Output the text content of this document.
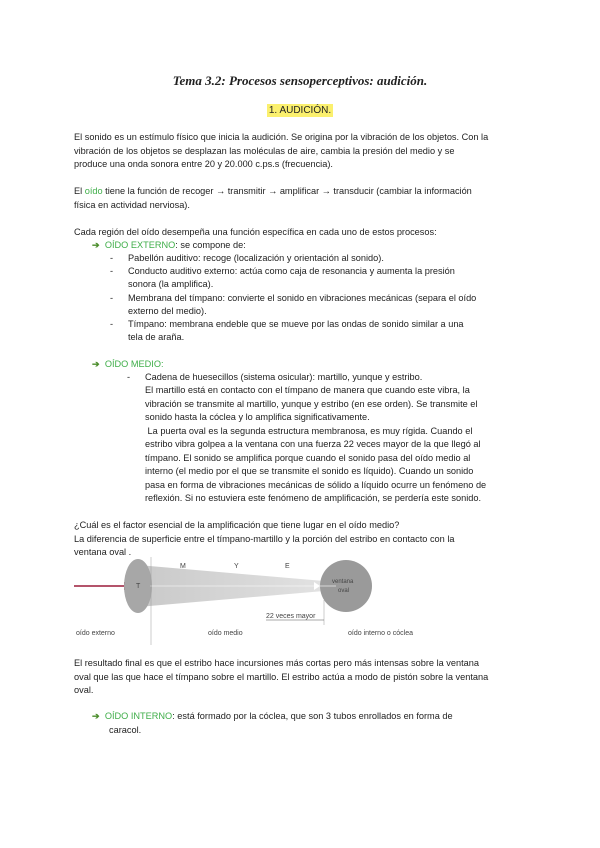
Tema 3.2: Procesos sensoperceptivos: audición.
1. AUDICIÓN.
El sonido es un estímulo físico que inicia la audición. Se origina por la vibración de los objetos. Con la
vibración de los objetos se desplazan las moléculas de aire, cambia la presión del medio y se
produce una onda sonora entre 20 y 20.000 c.ps.s (frecuencia).
El oído tiene la función de recoger → transmitir → amplificar → transducir (cambiar la información
física en actividad nerviosa).
Cada región del oído desempeña una función específica en cada uno de estos procesos:
➔ OÍDO EXTERNO: se compone de:
- Pabellón auditivo: recoge (localización y orientación al sonido).
- Conducto auditivo externo: actúa como caja de resonancia y aumenta la presión
sonora (la amplifica).
- Membrana del tímpano: convierte el sonido en vibraciones mecánicas (separa el oído
externo del medio).
- Tímpano: membrana endeble que se mueve por las ondas de sonido similar a una
tela de araña.
➔ OÍDO MEDIO:
- Cadena de huesecillos (sistema osicular): martillo, yunque y estribo.
El martillo está en contacto con el tímpano de manera que cuando este vibra, la
vibración se transmite al martillo, yunque y estribo (en ese orden). Se transmite el
sonido hasta la cóclea y lo amplifica significativamente.
La puerta oval es la segunda estructura membranosa, es muy rígida. Cuando el
estribo vibra golpea a la ventana con una fuerza 22 veces mayor de la que llegó al
tímpano. El sonido se amplifica porque cuando el sonido pasa del oído medio al
interno (el medio por el que se transmite el sonido es líquido). Cuando un sonido
pasa en forma de vibraciones mecánicas de sólido a líquido ocurre un fenómeno de
reflexión. Si no estuviera este fenómeno de amplificación, se perdería este sonido.
¿Cuál es el factor esencial de la amplificación que tiene lugar en el oído medio?
La diferencia de superficie entre el tímpano-martillo y la porción del estribo en contacto con la
ventana oval .
T
M	Y	E
ventana
oval
22 veces mayor
oído externo	oído medio	oído interno o cóclea
El resultado final es que el estribo hace incursiones más cortas pero más intensas sobre la ventana
oval que las que hace el tímpano sobre el martillo. El estribo actúa a modo de pistón sobre la ventana
oval.
➔ OÍDO INTERNO: está formado por la cóclea, que son 3 tubos enrollados en forma de
caracol.
